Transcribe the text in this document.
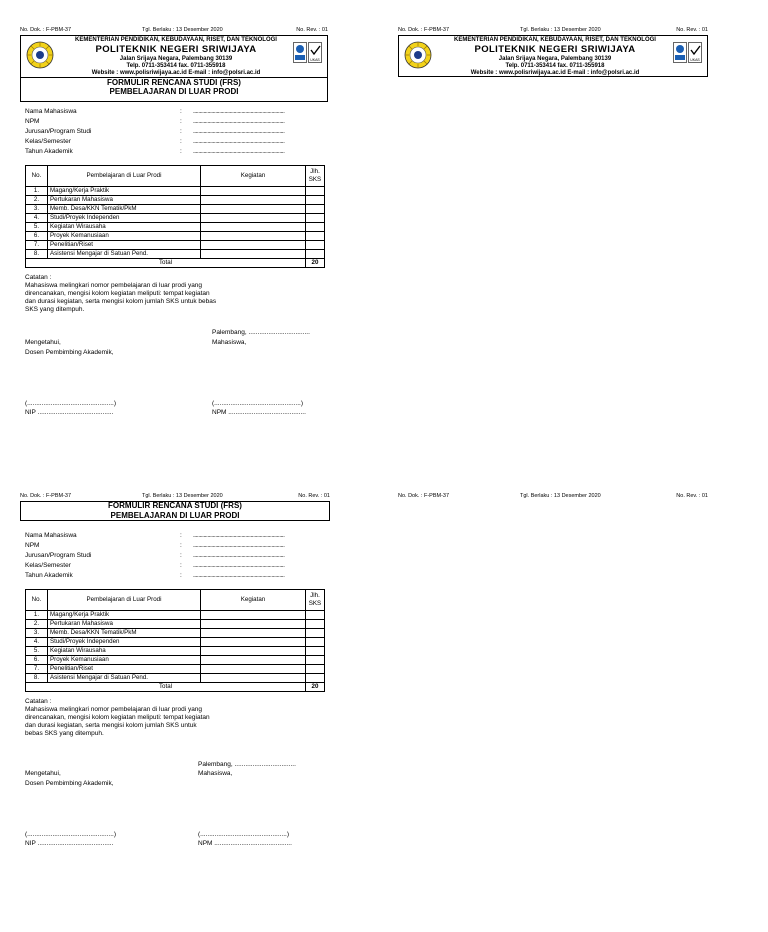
No. Dok. : F-PBM-37	Tgl. Berlaku : 13 Desember 2020	No. Rev. : 01
KEMENTERIAN PENDIDIKAN, KEBUDAYAAN, RISET, DAN TEKNOLOGI
POLITEKNIK NEGERI SRIWIJAYA
Jalan Srijaya Negara, Palembang 30139
Telp. 0711-353414 fax. 0711-355918
Website : www.polisriwijaya.ac.id E-mail : info@polsri.ac.id
UKAS
FORMULIR RENCANA STUDI (FRS)
PEMBELAJARAN DI LUAR PRODI
Nama Mahasiswa	: ......................................................................
NPM	: ......................................................................
Jurusan/Program Studi	: ......................................................................
Kelas/Semester	: ......................................................................
Tahun Akademik	: ......................................................................
No.	Pembelajaran di Luar Prodi	Kegiatan	Jlh. SKS
1.	Magang/Kerja Praktik		
2.	Pertukaran Mahasiswa		
3.	Memb. Desa/KKN Tematik/PkM		
4.	Studi/Proyek Independen		
5.	Kegiatan Wirausaha		
6.	Proyek Kemanusiaan		
7.	Penelitian/Riset		
8.	Asistensi Mengajar di Satuan Pend.		
Total			20
Catatan :
Mahasiswa melingkari nomor pembelajaran di luar prodi yang
direncanakan, mengisi kolom kegiatan meliputi: tempat kegiatan
dan durasi kegiatan, serta mengisi kolom jumlah SKS untuk bebas
SKS yang ditempuh.
Palembang, ..................................
Mahasiswa,
Mengetahui,
Dosen Pembimbing Akademik,
(................................................)	(................................................)
NIP ..........................................	NPM ...........................................
No. Dok. : F-PBM-37	Tgl. Berlaku : 13 Desember 2020	No. Rev. : 01
KEMENTERIAN PENDIDIKAN, KEBUDAYAAN, RISET, DAN TEKNOLOGI
POLITEKNIK NEGERI SRIWIJAYA
Jalan Srijaya Negara, Palembang 30139
Telp. 0711-353414 fax. 0711-355918
Website : www.polisriwijaya.ac.id E-mail : info@polsri.ac.id
UKAS
No. Dok. : F-PBM-37	Tgl. Berlaku : 13 Desember 2020	No. Rev. : 01
FORMULIR RENCANA STUDI (FRS)
PEMBELAJARAN DI LUAR PRODI
Nama Mahasiswa	: ......................................................................
NPM	: ......................................................................
Jurusan/Program Studi	: ......................................................................
Kelas/Semester	: ......................................................................
Tahun Akademik	: ......................................................................
No.	Pembelajaran di Luar Prodi	Kegiatan	Jlh. SKS
1.	Magang/Kerja Praktik		
2.	Pertukaran Mahasiswa		
3.	Memb. Desa/KKN Tematik/PkM		
4.	Studi/Proyek Independen		
5.	Kegiatan Wirausaha		
6.	Proyek Kemanusiaan		
7.	Penelitian/Riset		
8.	Asistensi Mengajar di Satuan Pend.		
Total			20
Catatan :
Mahasiswa melingkari nomor pembelajaran di luar prodi yang
direncanakan, mengisi kolom kegiatan meliputi: tempat kegiatan
dan durasi kegiatan, serta mengisi kolom jumlah SKS untuk
bebas SKS yang ditempuh.
Palembang, ..................................
Mahasiswa,
Mengetahui,
Dosen Pembimbing Akademik,
(................................................)	(................................................)
NIP ..........................................	NPM ...........................................
No. Dok. : F-PBM-37	Tgl. Berlaku : 13 Desember 2020	No. Rev. : 01
